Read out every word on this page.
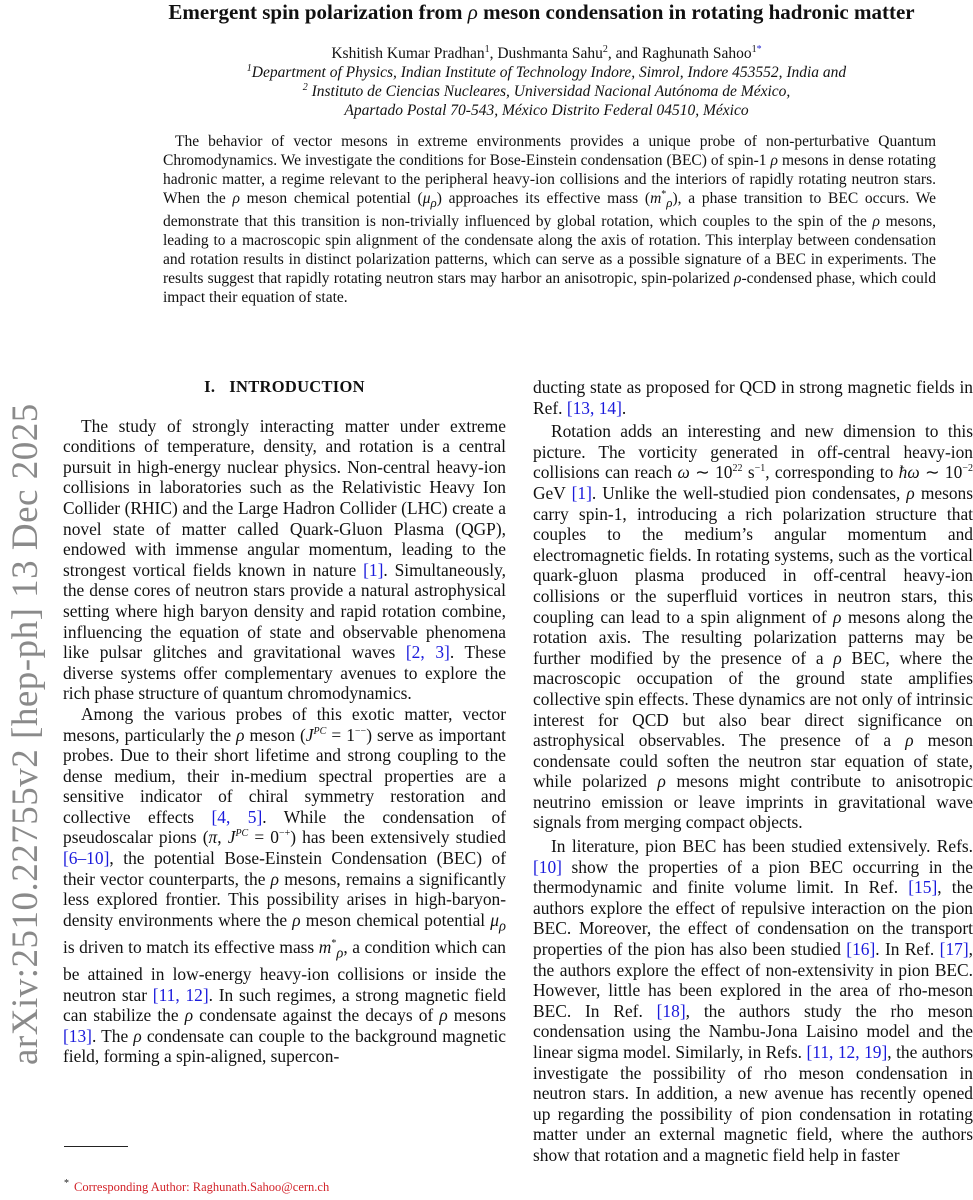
arXiv:2510.22755v2 [hep-ph] 13 Dec 2025
Emergent spin polarization from ρ meson condensation in rotating hadronic matter
Kshitish Kumar Pradhan$^1$, Dushmanta Sahu$^2$, and Raghunath Sahoo$^{1*}$
$^1$Department of Physics, Indian Institute of Technology Indore, Simrol, Indore 453552, India and
$^2$ Instituto de Ciencias Nucleares, Universidad Nacional Autónoma de México,
Apartado Postal 70-543, México Distrito Federal 04510, México

The behavior of vector mesons in extreme environments provides a unique probe of non-perturbative Quantum Chromodynamics. We investigate the conditions for Bose-Einstein condensation (BEC) of spin-1 ρ mesons in dense rotating hadronic matter, a regime relevant to the peripheral heavy-ion collisions and the interiors of rapidly rotating neutron stars. When the ρ meson chemical potential $(\mu_\rho)$ approaches its effective mass $(m^*_\rho)$, a phase transition to BEC occurs. We demonstrate that this transition is non-trivially influenced by global rotation, which couples to the spin of the ρ mesons, leading to a macroscopic spin alignment of the condensate along the axis of rotation. This interplay between condensation and rotation results in distinct polarization patterns, which can serve as a possible signature of a BEC in experiments. The results suggest that rapidly rotating neutron stars may harbor an anisotropic, spin-polarized ρ-condensed phase, which could impact their equation of state.

I. INTRODUCTION

The study of strongly interacting matter under extreme conditions of temperature, density, and rotation is a central pursuit in high-energy nuclear physics. Non-central heavy-ion collisions in laboratories such as the Relativistic Heavy Ion Collider (RHIC) and the Large Hadron Collider (LHC) create a novel state of matter called Quark-Gluon Plasma (QGP), endowed with immense angular momentum, leading to the strongest vortical fields known in nature [1]. Simultaneously, the dense cores of neutron stars provide a natural astrophysical setting where high baryon density and rapid rotation combine, influencing the equation of state and observable phenomena like pulsar glitches and gravitational waves [2, 3]. These diverse systems offer complementary avenues to explore the rich phase structure of quantum chromodynamics.

Among the various probes of this exotic matter, vector mesons, particularly the ρ meson $(J^{PC} = 1^{--})$ serve as important probes. Due to their short lifetime and strong coupling to the dense medium, their in-medium spectral properties are a sensitive indicator of chiral symmetry restoration and collective effects [4, 5]. While the condensation of pseudoscalar pions (π, $J^{PC} = 0^{-+}$) has been extensively studied [6–10], the potential Bose-Einstein Condensation (BEC) of their vector counterparts, the ρ mesons, remains a significantly less explored frontier. This possibility arises in high-baryon-density environments where the ρ meson chemical potential $\mu_\rho$ is driven to match its effective mass $m^*_\rho$, a condition which can be attained in low-energy heavy-ion collisions or inside the neutron star [11, 12]. In such regimes, a strong magnetic field can stabilize the ρ condensate against the decays of ρ mesons [13]. The ρ condensate can couple to the background magnetic field, forming a spin-aligned, supercon-

ducting state as proposed for QCD in strong magnetic fields in Ref. [13, 14].

Rotation adds an interesting and new dimension to this picture. The vorticity generated in off-central heavy-ion collisions can reach ω ∼ $10^{22}$ $s^{-1}$, corresponding to ħω ∼ $10^{-2}$ GeV [1]. Unlike the well-studied pion condensates, ρ mesons carry spin-1, introducing a rich polarization structure that couples to the medium’s angular momentum and electromagnetic fields. In rotating systems, such as the vortical quark-gluon plasma produced in off-central heavy-ion collisions or the superfluid vortices in neutron stars, this coupling can lead to a spin alignment of ρ mesons along the rotation axis. The resulting polarization patterns may be further modified by the presence of a ρ BEC, where the macroscopic occupation of the ground state amplifies collective spin effects. These dynamics are not only of intrinsic interest for QCD but also bear direct significance on astrophysical observables. The presence of a ρ meson condensate could soften the neutron star equation of state, while polarized ρ mesons might contribute to anisotropic neutrino emission or leave imprints in gravitational wave signals from merging compact objects.

In literature, pion BEC has been studied extensively. Refs. [10] show the properties of a pion BEC occurring in the thermodynamic and finite volume limit. In Ref. [15], the authors explore the effect of repulsive interaction on the pion BEC. Moreover, the effect of condensation on the transport properties of the pion has also been studied [16]. In Ref. [17], the authors explore the effect of non-extensivity in pion BEC. However, little has been explored in the area of rho-meson BEC. In Ref. [18], the authors study the rho meson condensation using the Nambu-Jona Laisino model and the linear sigma model. Similarly, in Refs. [11, 12, 19], the authors investigate the possibility of rho meson condensation in neutron stars. In addition, a new avenue has recently opened up regarding the possibility of pion condensation in rotating matter under an external magnetic field, where the authors show that rotation and a magnetic field help in faster

* Corresponding Author: Raghunath.Sahoo@cern.ch
